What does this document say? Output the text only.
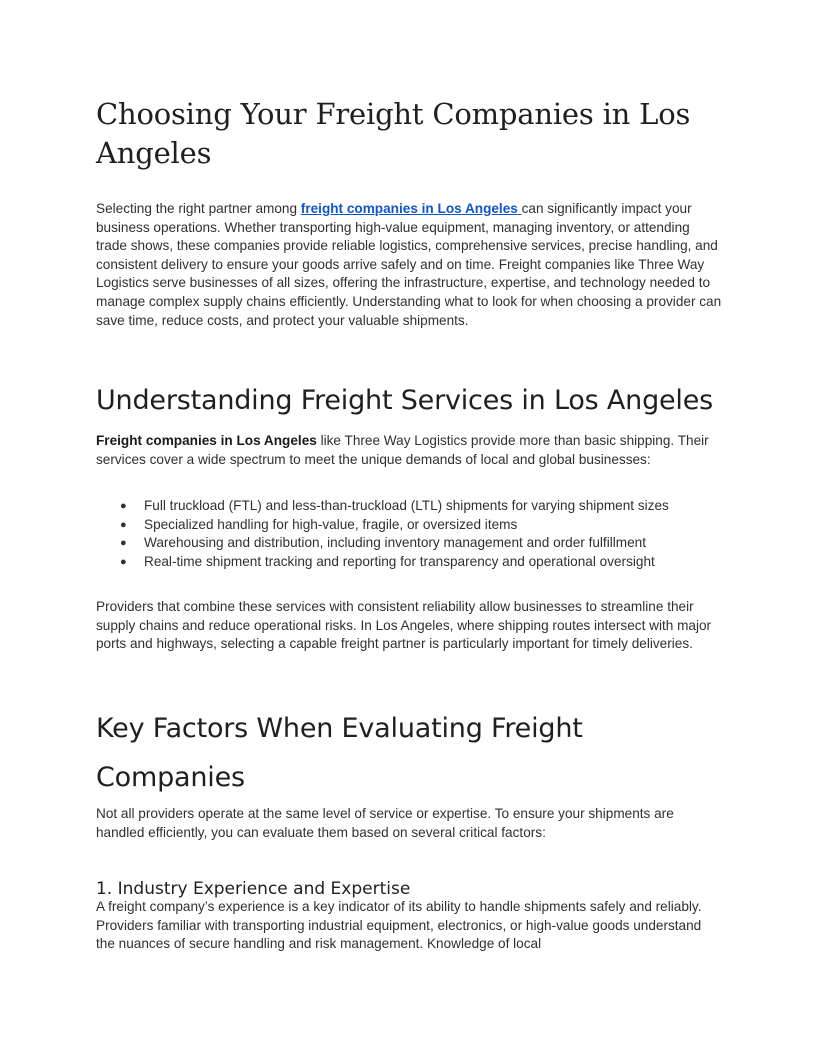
Choosing Your Freight Companies in Los Angeles

Selecting the right partner among freight companies in Los Angeles can significantly impact your business operations. Whether transporting high-value equipment, managing inventory, or attending trade shows, these companies provide reliable logistics, comprehensive services, precise handling, and consistent delivery to ensure your goods arrive safely and on time. Freight companies like Three Way Logistics serve businesses of all sizes, offering the infrastructure, expertise, and technology needed to manage complex supply chains efficiently. Understanding what to look for when choosing a provider can save time, reduce costs, and protect your valuable shipments.

Understanding Freight Services in Los Angeles

Freight companies in Los Angeles like Three Way Logistics provide more than basic shipping. Their services cover a wide spectrum to meet the unique demands of local and global businesses:

● Full truckload (FTL) and less-than-truckload (LTL) shipments for varying shipment sizes
● Specialized handling for high-value, fragile, or oversized items
● Warehousing and distribution, including inventory management and order fulfillment
● Real-time shipment tracking and reporting for transparency and operational oversight

Providers that combine these services with consistent reliability allow businesses to streamline their supply chains and reduce operational risks. In Los Angeles, where shipping routes intersect with major ports and highways, selecting a capable freight partner is particularly important for timely deliveries.

Key Factors When Evaluating Freight
Companies

Not all providers operate at the same level of service or expertise. To ensure your shipments are handled efficiently, you can evaluate them based on several critical factors:

1. Industry Experience and Expertise

A freight company’s experience is a key indicator of its ability to handle shipments safely and reliably. Providers familiar with transporting industrial equipment, electronics, or high-value goods understand the nuances of secure handling and risk management. Knowledge of local
